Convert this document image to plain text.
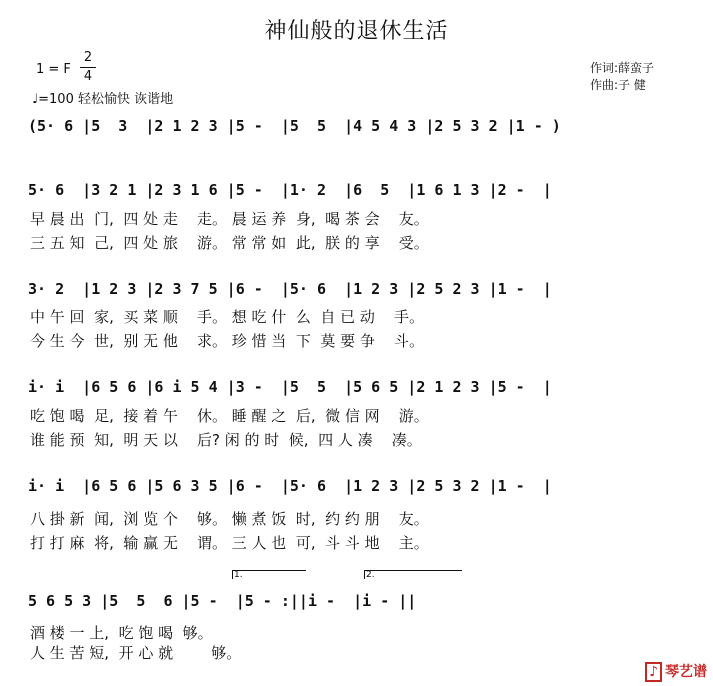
神仙般的退休生活
1 = F
2
4
♩=100 轻松愉快 诙谐地
作词:薛蛮子
作曲:子 健
(5· 6 |5  3  |2 1 2 3 |5 -  |5  5  |4 5 4 3 |2 5 3 2 |1 - )
5· 6  |3 2 1 |2 3 1 6 |5 -  |1· 2  |6  5  |1 6 1 3 |2 -  |
早 晨 出  门,  四 处 走    走。 晨 运 养  身,  喝 茶 会    友。
三 五 知  己,  四 处 旅    游。 常 常 如  此,  朕 的 享    受。
3· 2  |1 2 3 |2 3 7 5 |6 -  |5· 6  |1 2 3 |2 5 2 3 |1 -  |
中 午 回  家,  买 菜 顺    手。 想 吃 什  么  自 已 动    手。
今 生 今  世,  别 无 他    求。 珍 惜 当  下  莫 要 争    斗。
i· i  |6 5 6 |6 i 5 4 |3 -  |5  5  |5 6 5 |2 1 2 3 |5 -  |
吃 饱 喝  足,  接 着 午    休。 睡 醒 之  后,  微 信 网    游。
谁 能 预  知,  明 天 以    后? 闲 的 时  候,  四 人 凑    凑。
i· i  |6 5 6 |5 6 3 5 |6 -  |5· 6  |1 2 3 |2 5 3 2 |1 -  |
八 掛 新  闻,  浏 览 个    够。 懒 煮 饭  时,  约 约 朋    友。
打 打 麻  将,  输 赢 无    谓。 三 人 也  可,  斗 斗 地    主。
1.	2.
5 6 5 3 |5  5  6 |5 -  |5 - :||i -  |i - ||
酒 楼 一 上,  吃 饱 喝  够。
人 生 苦 短,  开 心 就        够。
♪ 琴艺谱
